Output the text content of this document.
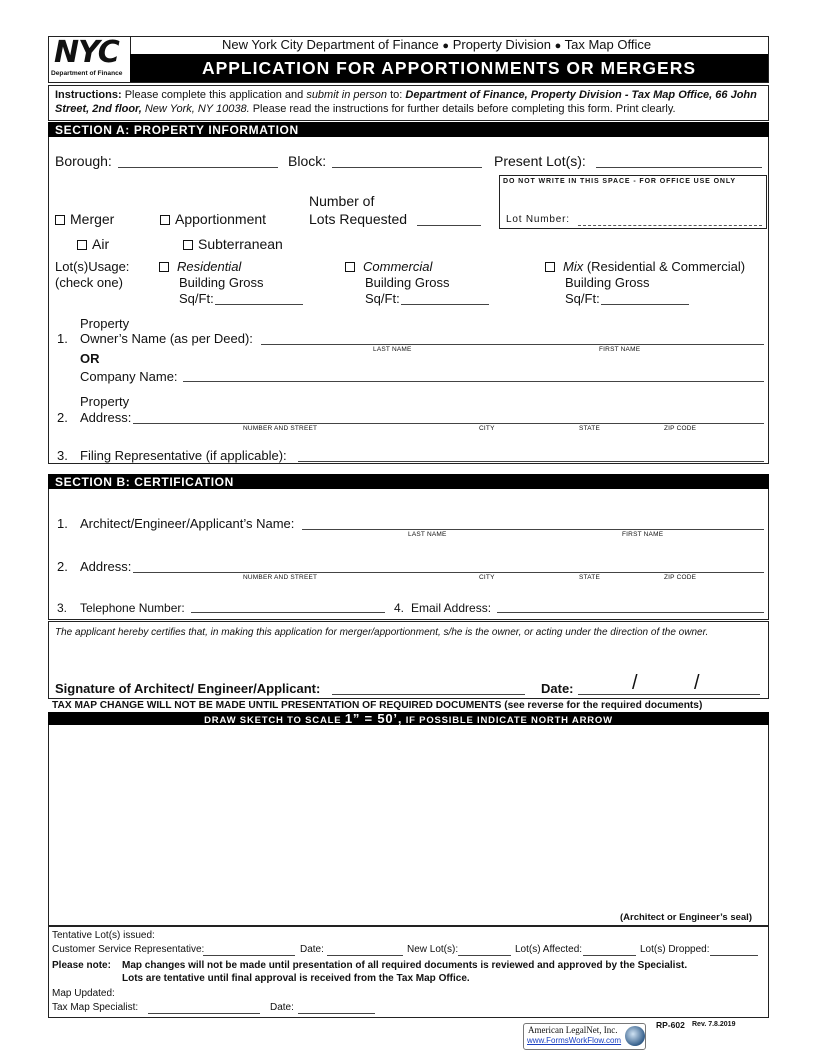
NYC
Department of Finance
New York City Department of Finance ● Property Division ● Tax Map Office
APPLICATION FOR APPORTIONMENTS OR MERGERS
Instructions: Please complete this application and submit in person to: Department of Finance, Property Division - Tax Map Office, 66 John Street, 2nd floor, New York, NY 10038. Please read the instructions for further details before completing this form. Print clearly.
SECTION A: PROPERTY INFORMATION
Borough:	Block:	Present Lot(s):
DO NOT WRITE IN THIS SPACE - FOR OFFICE USE ONLY
Lot Number:
Number of
Merger	Apportionment	Lots Requested
Air	Subterranean
Lot(s)Usage:
(check one)
Residential
Building Gross
Sq/Ft:
Commercial
Building Gross
Sq/Ft:
Mix (Residential & Commercial)
Building Gross
Sq/Ft:
Property
1. Owner’s Name (as per Deed):
LAST NAME	FIRST NAME
OR
Company Name:
Property
2. Address:
NUMBER AND STREET	CITY	STATE	ZIP CODE
3. Filing Representative (if applicable):
SECTION B: CERTIFICATION
1. Architect/Engineer/Applicant’s Name:
LAST NAME	FIRST NAME
2. Address:
NUMBER AND STREET	CITY	STATE	ZIP CODE
3. Telephone Number:	4. Email Address:
The applicant hereby certifies that, in making this application for merger/apportionment, s/he is the owner, or acting under the direction of the owner.
Signature of Architect/ Engineer/Applicant:	Date:	/	/
TAX MAP CHANGE WILL NOT BE MADE UNTIL PRESENTATION OF REQUIRED DOCUMENTS (see reverse for the required documents)
DRAW SKETCH TO SCALE 1” = 50’, IF POSSIBLE INDICATE NORTH ARROW
(Architect or Engineer’s seal)
Tentative Lot(s) issued:
Customer Service Representative:	Date:	New Lot(s):	Lot(s) Affected:	Lot(s) Dropped:
Please note: Map changes will not be made until presentation of all required documents is reviewed and approved by the Specialist.
Lots are tentative until final approval is received from the Tax Map Office.
Map Updated:
Tax Map Specialist:	Date:
RP-602 Rev. 7.8.2019
American LegalNet, Inc.
www.FormsWorkFlow.com
